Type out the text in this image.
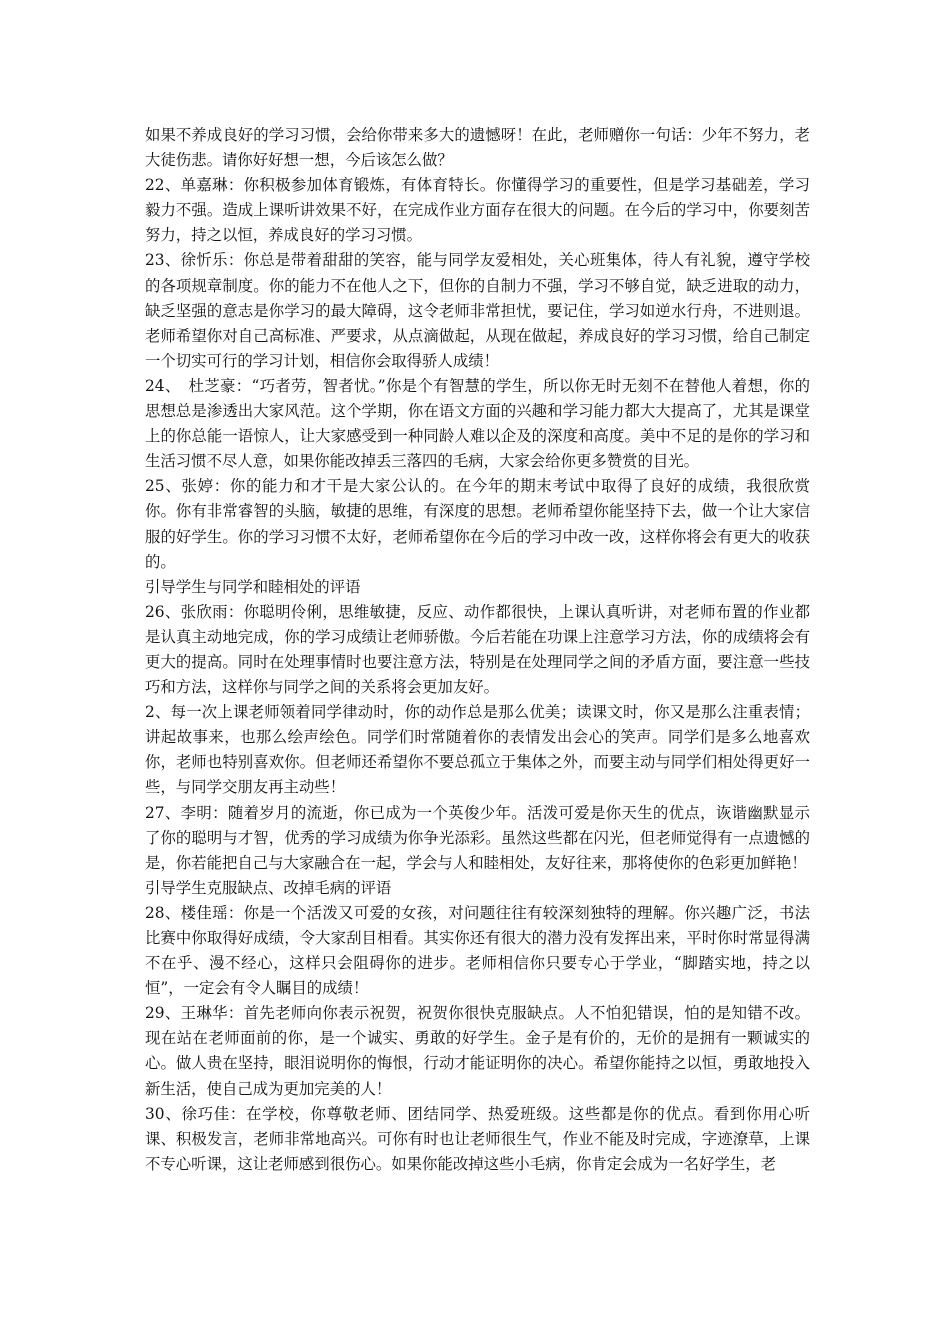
如果不养成良好的学习习惯，会给你带来多大的遗憾呀！在此，老师赠你一句话：少年不努力，老大徒伤悲。请你好好想一想，今后该怎么做？

22、单嘉琳：你积极参加体育锻炼，有体育特长。你懂得学习的重要性，但是学习基础差，学习毅力不强。造成上课听讲效果不好，在完成作业方面存在很大的问题。在今后的学习中，你要刻苦努力，持之以恒，养成良好的学习习惯。

23、徐忻乐：你总是带着甜甜的笑容，能与同学友爱相处，关心班集体，待人有礼貌，遵守学校的各项规章制度。你的能力不在他人之下，但你的自制力不强，学习不够自觉，缺乏进取的动力，缺乏坚强的意志是你学习的最大障碍，这令老师非常担忧，要记住，学习如逆水行舟，不进则退。老师希望你对自己高标准、严要求，从点滴做起，从现在做起，养成良好的学习习惯，给自己制定一个切实可行的学习计划，相信你会取得骄人成绩！

24、　杜芝豪：“巧者劳，智者忧。”你是个有智慧的学生，所以你无时无刻不在替他人着想，你的思想总是渗透出大家风范。这个学期，你在语文方面的兴趣和学习能力都大大提高了，尤其是课堂上的你总能一语惊人，让大家感受到一种同龄人难以企及的深度和高度。美中不足的是你的学习和生活习惯不尽人意，如果你能改掉丢三落四的毛病，大家会给你更多赞赏的目光。

25、张婷：你的能力和才干是大家公认的。在今年的期末考试中取得了良好的成绩，我很欣赏你。你有非常睿智的头脑，敏捷的思维，有深度的思想。老师希望你能坚持下去，做一个让大家信服的好学生。你的学习习惯不太好，老师希望你在今后的学习中改一改，这样你将会有更大的收获的。

引导学生与同学和睦相处的评语

26、张欣雨：你聪明伶俐，思维敏捷，反应、动作都很快，上课认真听讲，对老师布置的作业都是认真主动地完成，你的学习成绩让老师骄傲。今后若能在功课上注意学习方法，你的成绩将会有更大的提高。同时在处理事情时也要注意方法，特别是在处理同学之间的矛盾方面，要注意一些技巧和方法，这样你与同学之间的关系将会更加友好。

2、每一次上课老师领着同学律动时，你的动作总是那么优美；读课文时，你又是那么注重表情；讲起故事来，也那么绘声绘色。同学们时常随着你的表情发出会心的笑声。同学们是多么地喜欢你，老师也特别喜欢你。但老师还希望你不要总孤立于集体之外，而要主动与同学们相处得更好一些，与同学交朋友再主动些！

27、李明：随着岁月的流逝，你已成为一个英俊少年。活泼可爱是你天生的优点，诙谐幽默显示了你的聪明与才智，优秀的学习成绩为你争光添彩。虽然这些都在闪光，但老师觉得有一点遗憾的是，你若能把自己与大家融合在一起，学会与人和睦相处，友好往来，那将使你的色彩更加鲜艳！

引导学生克服缺点、改掉毛病的评语

28、楼佳瑶：你是一个活泼又可爱的女孩，对问题往往有较深刻独特的理解。你兴趣广泛，书法比赛中你取得好成绩，令大家刮目相看。其实你还有很大的潜力没有发挥出来，平时你时常显得满不在乎、漫不经心，这样只会阻碍你的进步。老师相信你只要专心于学业，“脚踏实地，持之以恒”，一定会有令人瞩目的成绩！

29、王琳华：首先老师向你表示祝贺，祝贺你很快克服缺点。人不怕犯错误，怕的是知错不改。现在站在老师面前的你，是一个诚实、勇敢的好学生。金子是有价的，无价的是拥有一颗诚实的心。做人贵在坚持，眼泪说明你的悔恨，行动才能证明你的决心。希望你能持之以恒，勇敢地投入新生活，使自己成为更加完美的人！

30、徐巧佳：在学校，你尊敬老师、团结同学、热爱班级。这些都是你的优点。看到你用心听课、积极发言，老师非常地高兴。可你有时也让老师很生气，作业不能及时完成，字迹潦草，上课不专心听课，这让老师感到很伤心。如果你能改掉这些小毛病，你肯定会成为一名好学生，老
